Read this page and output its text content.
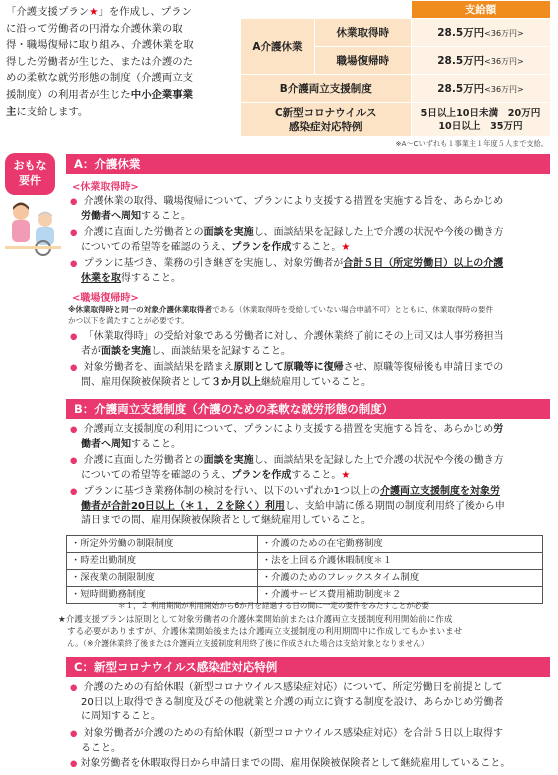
「介護支援プラン★」を作成し、プラン
に沿って労働者の円滑な介護休業の取
得・職場復帰に取り組み、介護休業を取
得した労働者が生じた、または介護のた
めの柔軟な就労形態の制度（介護両立支
援制度）の利用者が生じた中小企業事業
主に支給します。
		支給額
A介護休業	休業取得時	28.5万円<36万円>
	職場復帰時	28.5万円<36万円>
B介護両立支援制度		28.5万円<36万円>
C新型コロナウイルス
感染症対応特例		5日以上10日未満　20万円
10日以上　35万円
※A～Cいずれも１事業主１年度５人まで支給。
おもな
要件
A：介護休業
<休業取得時>
● 介護休業の取得、職場復帰について、プランにより支援する措置を実施する旨を、あらかじめ
労働者へ周知すること。
● 介護に直面した労働者との面談を実施し、面談結果を記録した上で介護の状況や今後の働き方
についての希望等を確認のうえ、プランを作成すること。★
● プランに基づき、業務の引き継ぎを実施し、対象労働者が合計５日（所定労働日）以上の介護
休業を取得すること。
<職場復帰時>
※休業取得時と同一の対象介護休業取得者である（休業取得時を受給していない場合申請不可）とともに、休業取得時の要件
かつ以下を満たすことが必要です。
● 「休業取得時」の受給対象である労働者に対し、介護休業終了前にその上司又は人事労務担当
者が面談を実施し、面談結果を記録すること。
● 対象労働者を、面談結果を踏まえ原則として原職等に復帰させ、原職等復帰後も申請日までの
間、雇用保険被保険者として３か月以上継続雇用していること。
B：介護両立支援制度（介護のための柔軟な就労形態の制度）
● 介護両立支援制度の利用について、プランにより支援する措置を実施する旨を、あらかじめ労
働者へ周知すること。
● 介護に直面した労働者との面談を実施し、面談結果を記録した上で介護の状況や今後の働き方
についての希望等を確認のうえ、プランを作成すること。★
● プランに基づき業務体制の検討を行い、以下のいずれか1つ以上の介護両立支援制度を対象労
働者が合計20日以上（＊１，２を除く）利用し、支給申請に係る期間の制度利用終了後から申
請日までの間、雇用保険被保険者として継続雇用していること。
・所定外労働の制限制度	・介護のための在宅勤務制度
・時差出勤制度	・法を上回る介護休暇制度＊１
・深夜業の制限制度	・介護のためのフレックスタイム制度
・短時間勤務制度	・介護サービス費用補助制度＊２
＊１，２ 利用期間が利用開始から6か月を経過する日の間に一定の要件をみたすことが必要
★介護支援プランは原則として対象労働者の介護休業開始前または介護両立支援制度利用開始前に作成
する必要がありますが、介護休業開始後または介護両立支援制度の利用期間中に作成してもかまいませ
ん。（※介護休業終了後または介護両立支援制度利用終了後に作成された場合は支給対象となりません）
C：新型コロナウイルス感染症対応特例
● 介護のための有給休暇（新型コロナウイルス感染症対応）について、所定労働日を前提として
20日以上取得できる制度及びその他就業と介護の両立に資する制度を設け、あらかじめ労働者
に周知すること。
● 対象労働者が介護のための有給休暇（新型コロナウイルス感染症対応）を合計５日以上取得す
ること。
● 対象労働者を休暇取得日から申請日までの間、雇用保険被保険者として継続雇用していること。
